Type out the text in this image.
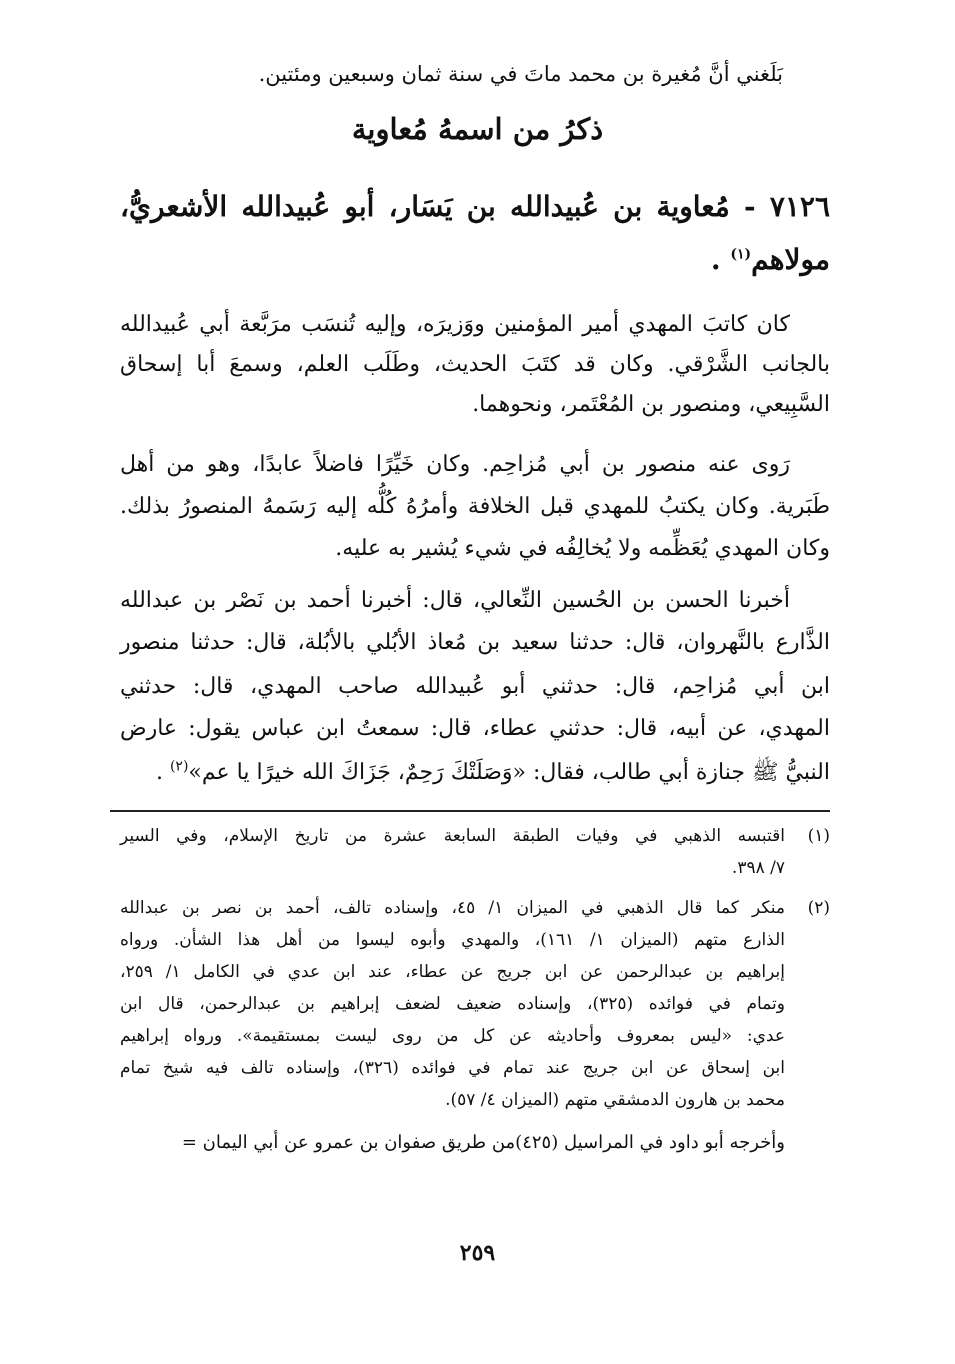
بَلَغني أنَّ مُغيرة بن محمد ماتَ في سنة ثمان وسبعين ومئتين.
ذكرُ من اسمهُ مُعاوية
٧١٢٦ - مُعاوية بن عُبيدالله بن يَسَار، أبو عُبيدالله الأشعريُّ،
مولاهم$^{(١)}$ .
كان كاتبَ المهدي أمير المؤمنين ووَزيرَه، وإليه تُنسَب مرَبَّعة أبي عُبيدالله
بالجانب الشَّرْقي. وكان قد كتَبَ الحديث، وطَلَب العلم، وسمعَ أبا إسحاق
السَّبِيعي، ومنصور بن المُعْتَمر، ونحوهما.
رَوى عنه منصور بن أبي مُزاحِم. وكان خَيِّرًا فاضلاً عابدًا، وهو من أهل
طَبَرية. وكان يكتبُ للمهدي قبل الخلافة وأمرُهُ كُلُّه إليه رَسَمهُ المنصورُ بذلك.
وكان المهدي يُعَظِّمه ولا يُخالِفُه في شيء يُشير به عليه.
أخبرنا الحسن بن الحُسين النِّعالي، قال: أخبرنا أحمد بن نَصْر بن عبدالله
الذَّارع بالنَّهروان، قال: حدثنا سعيد بن مُعاذ الأبُلي بالأبُلة، قال: حدثنا منصور
ابن أبي مُزاحِم، قال: حدثني أبو عُبيدالله صاحب المهدي، قال: حدثني
المهدي، عن أبيه، قال: حدثني عطاء، قال: سمعتُ ابن عباس يقول: عارض
النبيُّ ﷺ جنازة أبي طالب، فقال: «وَصَلَتْكَ رَحِمٌ، جَزَاكَ الله خيرًا يا عم»$^{(٢)}$ .
(١)
اقتبسه الذهبي في وفيات الطبقة السابعة عشرة من تاريخ الإسلام، وفي السير
٧/ ٣٩٨.
(٢)
منكر كما قال الذهبي في الميزان ١/ ٤٥، وإسناده تالف، أحمد بن نصر بن عبدالله
الذارع متهم (الميزان ١/ ١٦١)، والمهدي وأبوه ليسوا من أهل هذا الشأن. ورواه
إبراهيم بن عبدالرحمن عن ابن جريج عن عطاء، عند ابن عدي في الكامل ١/ ٢٥٩،
وتمام في فوائده (٣٢٥)، وإسناده ضعيف لضعف إبراهيم بن عبدالرحمن، قال ابن
عدي: «ليس بمعروف وأحاديثه عن كل من روى ليست بمستقيمة». ورواه إبراهيم
ابن إسحاق عن ابن جريج عند تمام في فوائده (٣٢٦)، وإسناده تالف فيه شيخ تمام
محمد بن هارون الدمشقي متهم (الميزان ٤/ ٥٧).
وأخرجه أبو داود في المراسيل (٤٢٥)من طريق صفوان بن عمرو عن أبي اليمان =
٢٥٩
